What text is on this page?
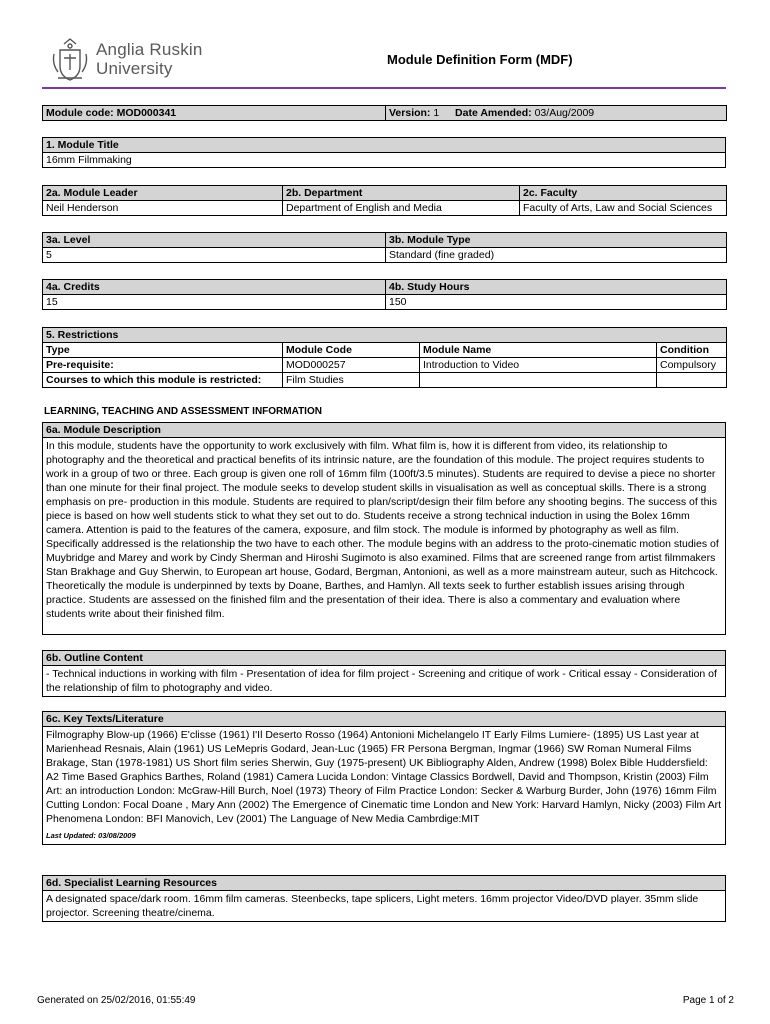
Anglia Ruskin
University	Module Definition Form (MDF)
Module code: MOD000341	Version: 1 Date Amended: 03/Aug/2009
1. Module Title
16mm Filmmaking
2a. Module Leader	2b. Department	2c. Faculty
Neil Henderson	Department of English and Media	Faculty of Arts, Law and Social Sciences
3a. Level	3b. Module Type
5	Standard (fine graded)
4a. Credits	4b. Study Hours
15	150
5. Restrictions			
Type	Module Code	Module Name	Condition
Pre-requisite:	MOD000257	Introduction to Video	Compulsory
Courses to which this module is restricted:	Film Studies		
LEARNING, TEACHING AND ASSESSMENT INFORMATION
6a. Module Description
In this module, students have the opportunity to work exclusively with film. What film is, how it is different from video, its relationship to photography and the theoretical and practical benefits of its intrinsic nature, are the foundation of this module. The project requires students to work in a group of two or three. Each group is given one roll of 16mm film (100ft/3.5 minutes). Students are required to devise a piece no shorter than one minute for their final project. The module seeks to develop student skills in visualisation as well as conceptual skills. There is a strong emphasis on pre- production in this module. Students are required to plan/script/design their film before any shooting begins. The success of this piece is based on how well students stick to what they set out to do. Students receive a strong technical induction in using the Bolex 16mm camera. Attention is paid to the features of the camera, exposure, and film stock. The module is informed by photography as well as film. Specifically addressed is the relationship the two have to each other. The module begins with an address to the proto-cinematic motion studies of Muybridge and Marey and work by Cindy Sherman and Hiroshi Sugimoto is also examined. Films that are screened range from artist filmmakers Stan Brakhage and Guy Sherwin, to European art house, Godard, Bergman, Antonioni, as well as a more mainstream auteur, such as Hitchcock. Theoretically the module is underpinned by texts by Doane, Barthes, and Hamlyn. All texts seek to further establish issues arising through practice. Students are assessed on the finished film and the presentation of their idea. There is also a commentary and evaluation where students write about their finished film.
6b. Outline Content
- Technical inductions in working with film - Presentation of idea for film project - Screening and critique of work - Critical essay - Consideration of the relationship of film to photography and video.
6c. Key Texts/Literature

Filmography Blow-up (1966) E'clisse (1961) I'Il Deserto Rosso (1964) Antonioni Michelangelo IT Early Films Lumiere- (1895) US Last year at Marienhead Resnais, Alain (1961) US LeMepris Godard, Jean-Luc (1965) FR Persona Bergman, Ingmar (1966) SW Roman Numeral Films Brakage, Stan (1978-1981) US Short film series Sherwin, Guy (1975-present) UK Bibliography Alden, Andrew (1998) Bolex Bible Huddersfield: A2 Time Based Graphics Barthes, Roland (1981) Camera Lucida London: Vintage Classics Bordwell, David and Thompson, Kristin (2003) Film Art: an introduction London: McGraw-Hill Burch, Noel (1973) Theory of Film Practice London: Secker & Warburg Burder, John (1976) 16mm Film Cutting London: Focal Doane , Mary Ann (2002) The Emergence of Cinematic time London and New York: Harvard Hamlyn, Nicky (2003) Film Art Phenomena London: BFI Manovich, Lev (2001) The Language of New Media Cambrdige:MIT
Last Updated: 03/08/2009
6d. Specialist Learning Resources
A designated space/dark room. 16mm film cameras. Steenbecks, tape splicers, Light meters. 16mm projector Video/DVD player. 35mm slide projector. Screening theatre/cinema.
Generated on 25/02/2016, 01:55:49	Page 1 of 2
